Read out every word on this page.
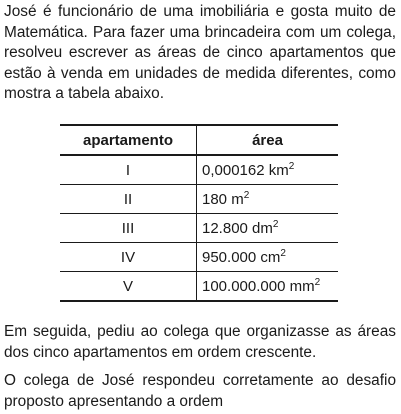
José é funcionário de uma imobiliária e gosta muito de Matemática. Para fazer uma brincadeira com um colega, resolveu escrever as áreas de cinco apartamentos que estão à venda em unidades de medida diferentes, como mostra a tabela abaixo.

apartamento	área
I	0,000162 $km^2$
II	180 $m^2$
III	12.800 $dm^2$
IV	950.000 $cm^2$
V	100.000.000 $mm^2$

Em seguida, pediu ao colega que organizasse as áreas dos cinco apartamentos em ordem crescente.

O colega de José respondeu corretamente ao desafio proposto apresentando a ordem
